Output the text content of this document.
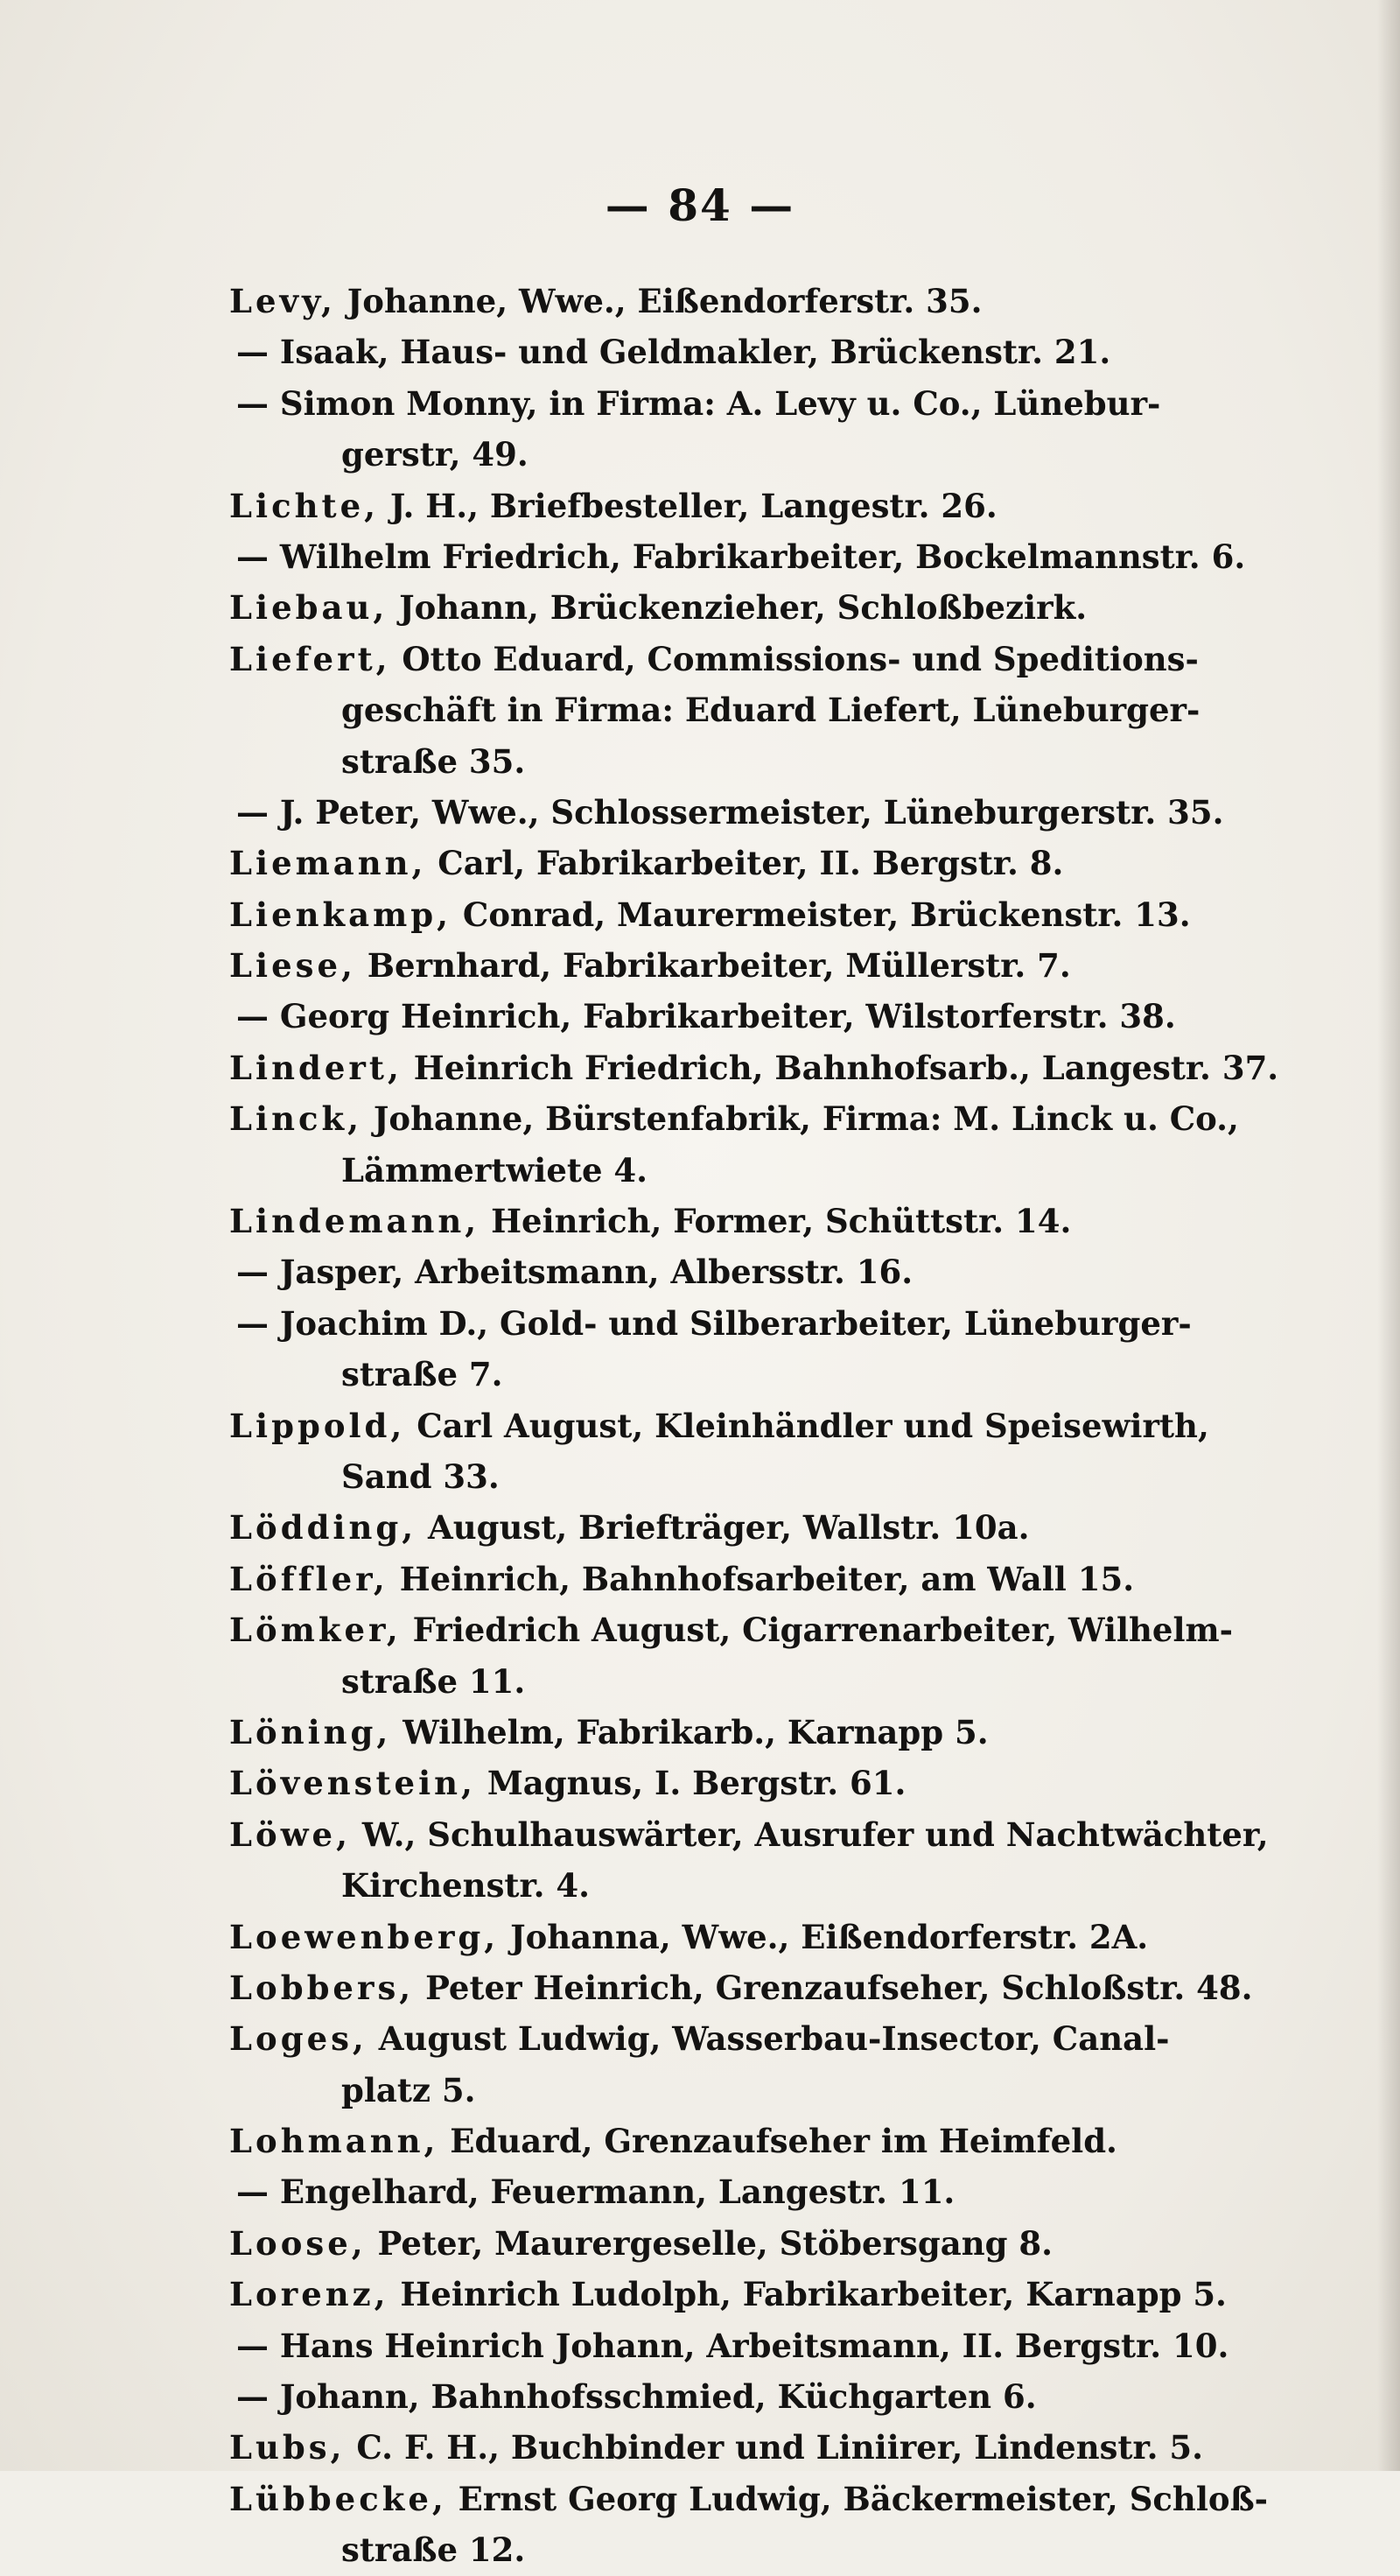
— 84 —
Levy, Johanne, Wwe., Eißendorferstr. 35.
— Isaak, Haus- und Geldmakler, Brückenstr. 21.
— Simon Monny, in Firma: A. Levy u. Co., Lünebur-
gerstr, 49.
Lichte, J. H., Briefbesteller, Langestr. 26.
— Wilhelm Friedrich, Fabrikarbeiter, Bockelmannstr. 6.
Liebau, Johann, Brückenzieher, Schloßbezirk.
Liefert, Otto Eduard, Commissions- und Speditions-
geschäft in Firma: Eduard Liefert, Lüneburger-
straße 35.
— J. Peter, Wwe., Schlossermeister, Lüneburgerstr. 35.
Liemann, Carl, Fabrikarbeiter, II. Bergstr. 8.
Lienkamp, Conrad, Maurermeister, Brückenstr. 13.
Liese, Bernhard, Fabrikarbeiter, Müllerstr. 7.
— Georg Heinrich, Fabrikarbeiter, Wilstorferstr. 38.
Lindert, Heinrich Friedrich, Bahnhofsarb., Langestr. 37.
Linck, Johanne, Bürstenfabrik, Firma: M. Linck u. Co.,
Lämmertwiete 4.
Lindemann, Heinrich, Former, Schüttstr. 14.
— Jasper, Arbeitsmann, Albersstr. 16.
— Joachim D., Gold- und Silberarbeiter, Lüneburger-
straße 7.
Lippold, Carl August, Kleinhändler und Speisewirth,
Sand 33.
Lödding, August, Briefträger, Wallstr. 10a.
Löffler, Heinrich, Bahnhofsarbeiter, am Wall 15.
Lömker, Friedrich August, Cigarrenarbeiter, Wilhelm-
straße 11.
Löning, Wilhelm, Fabrikarb., Karnapp 5.
Lövenstein, Magnus, I. Bergstr. 61.
Löwe, W., Schulhauswärter, Ausrufer und Nachtwächter,
Kirchenstr. 4.
Loewenberg, Johanna, Wwe., Eißendorferstr. 2A.
Lobbers, Peter Heinrich, Grenzaufseher, Schloßstr. 48.
Loges, August Ludwig, Wasserbau-Insector, Canal-
platz 5.
Lohmann, Eduard, Grenzaufseher im Heimfeld.
— Engelhard, Feuermann, Langestr. 11.
Loose, Peter, Maurergeselle, Stöbersgang 8.
Lorenz, Heinrich Ludolph, Fabrikarbeiter, Karnapp 5.
— Hans Heinrich Johann, Arbeitsmann, II. Bergstr. 10.
— Johann, Bahnhofsschmied, Küchgarten 6.
Lubs, C. F. H., Buchbinder und Liniirer, Lindenstr. 5.
Lübbecke, Ernst Georg Ludwig, Bäckermeister, Schloß-
straße 12.
